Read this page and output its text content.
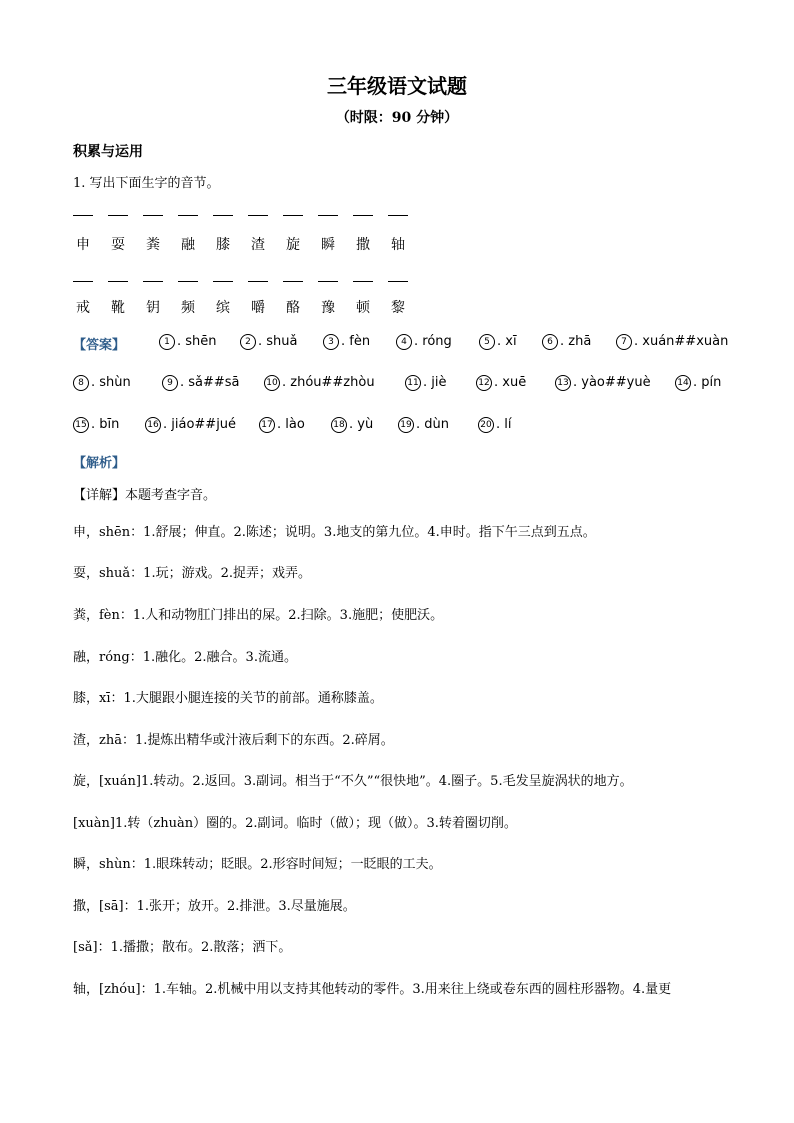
三年级语文试题
（时限：90 分钟）
积累与运用
1. 写出下面生字的音节。
申 耍 粪 融 膝 渣 旋 瞬 撒 轴
戒 靴 钥 频 缤 嚼 酪 豫 顿 黎
【答案】	1 . shēn	2 . shuǎ	3 . fèn	4 . róng	5 . xī	6 . zhā	7 . xuán##xuàn
8 . shùn	9 . sǎ##sā	10 . zhóu##zhòu	11 . jiè	12 . xuē	13 . yào##yuè	14 . pín
15 . bīn	16 . jiáo##jué	17 . lào	18 . yù	19 . dùn	20 . lí
【解析】
【详解】本题考查字音。
申，shēn：1.舒展；伸直。2.陈述；说明。3.地支的第九位。4.申时。指下午三点到五点。
耍，shuǎ：1.玩；游戏。2.捉弄；戏弄。
粪，fèn：1.人和动物肛门排出的屎。2.扫除。3.施肥；使肥沃。
融，róng：1.融化。2.融合。3.流通。
膝，xī：1.大腿跟小腿连接的关节的前部。通称膝盖。
渣，zhā：1.提炼出精华或汁液后剩下的东西。2.碎屑。
旋，[xuán]1.转动。2.返回。3.副词。相当于“不久”“很快地”。4.圈子。5.毛发呈旋涡状的地方。
[xuàn]1.转（zhuàn）圈的。2.副词。临时（做）；现（做）。3.转着圈切削。
瞬，shùn：1.眼珠转动；眨眼。2.形容时间短；一眨眼的工夫。
撒，[sā]：1.张开；放开。2.排泄。3.尽量施展。
[sǎ]：1.播撒；散布。2.散落；洒下。
轴，[zhóu]：1.车轴。2.机械中用以支持其他转动的零件。3.用来往上绕或卷东西的圆柱形器物。4.量更
